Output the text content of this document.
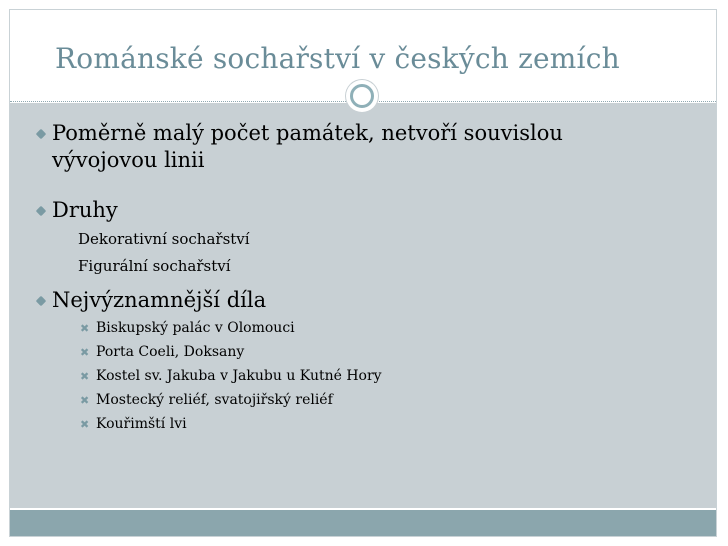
Románské sochařství v českých zemích
Poměrně malý počet památek, netvoří souvislou
vývojovou linii
Druhy
Dekorativní sochařství
Figurální sochařství
Nejvýznamnější díla
✖ Biskupský palác v Olomouci
✖ Porta Coeli, Doksany
✖ Kostel sv. Jakuba v Jakubu u Kutné Hory
✖ Mostecký reliéf, svatojiřský reliéf
✖ Kouřimští lvi
